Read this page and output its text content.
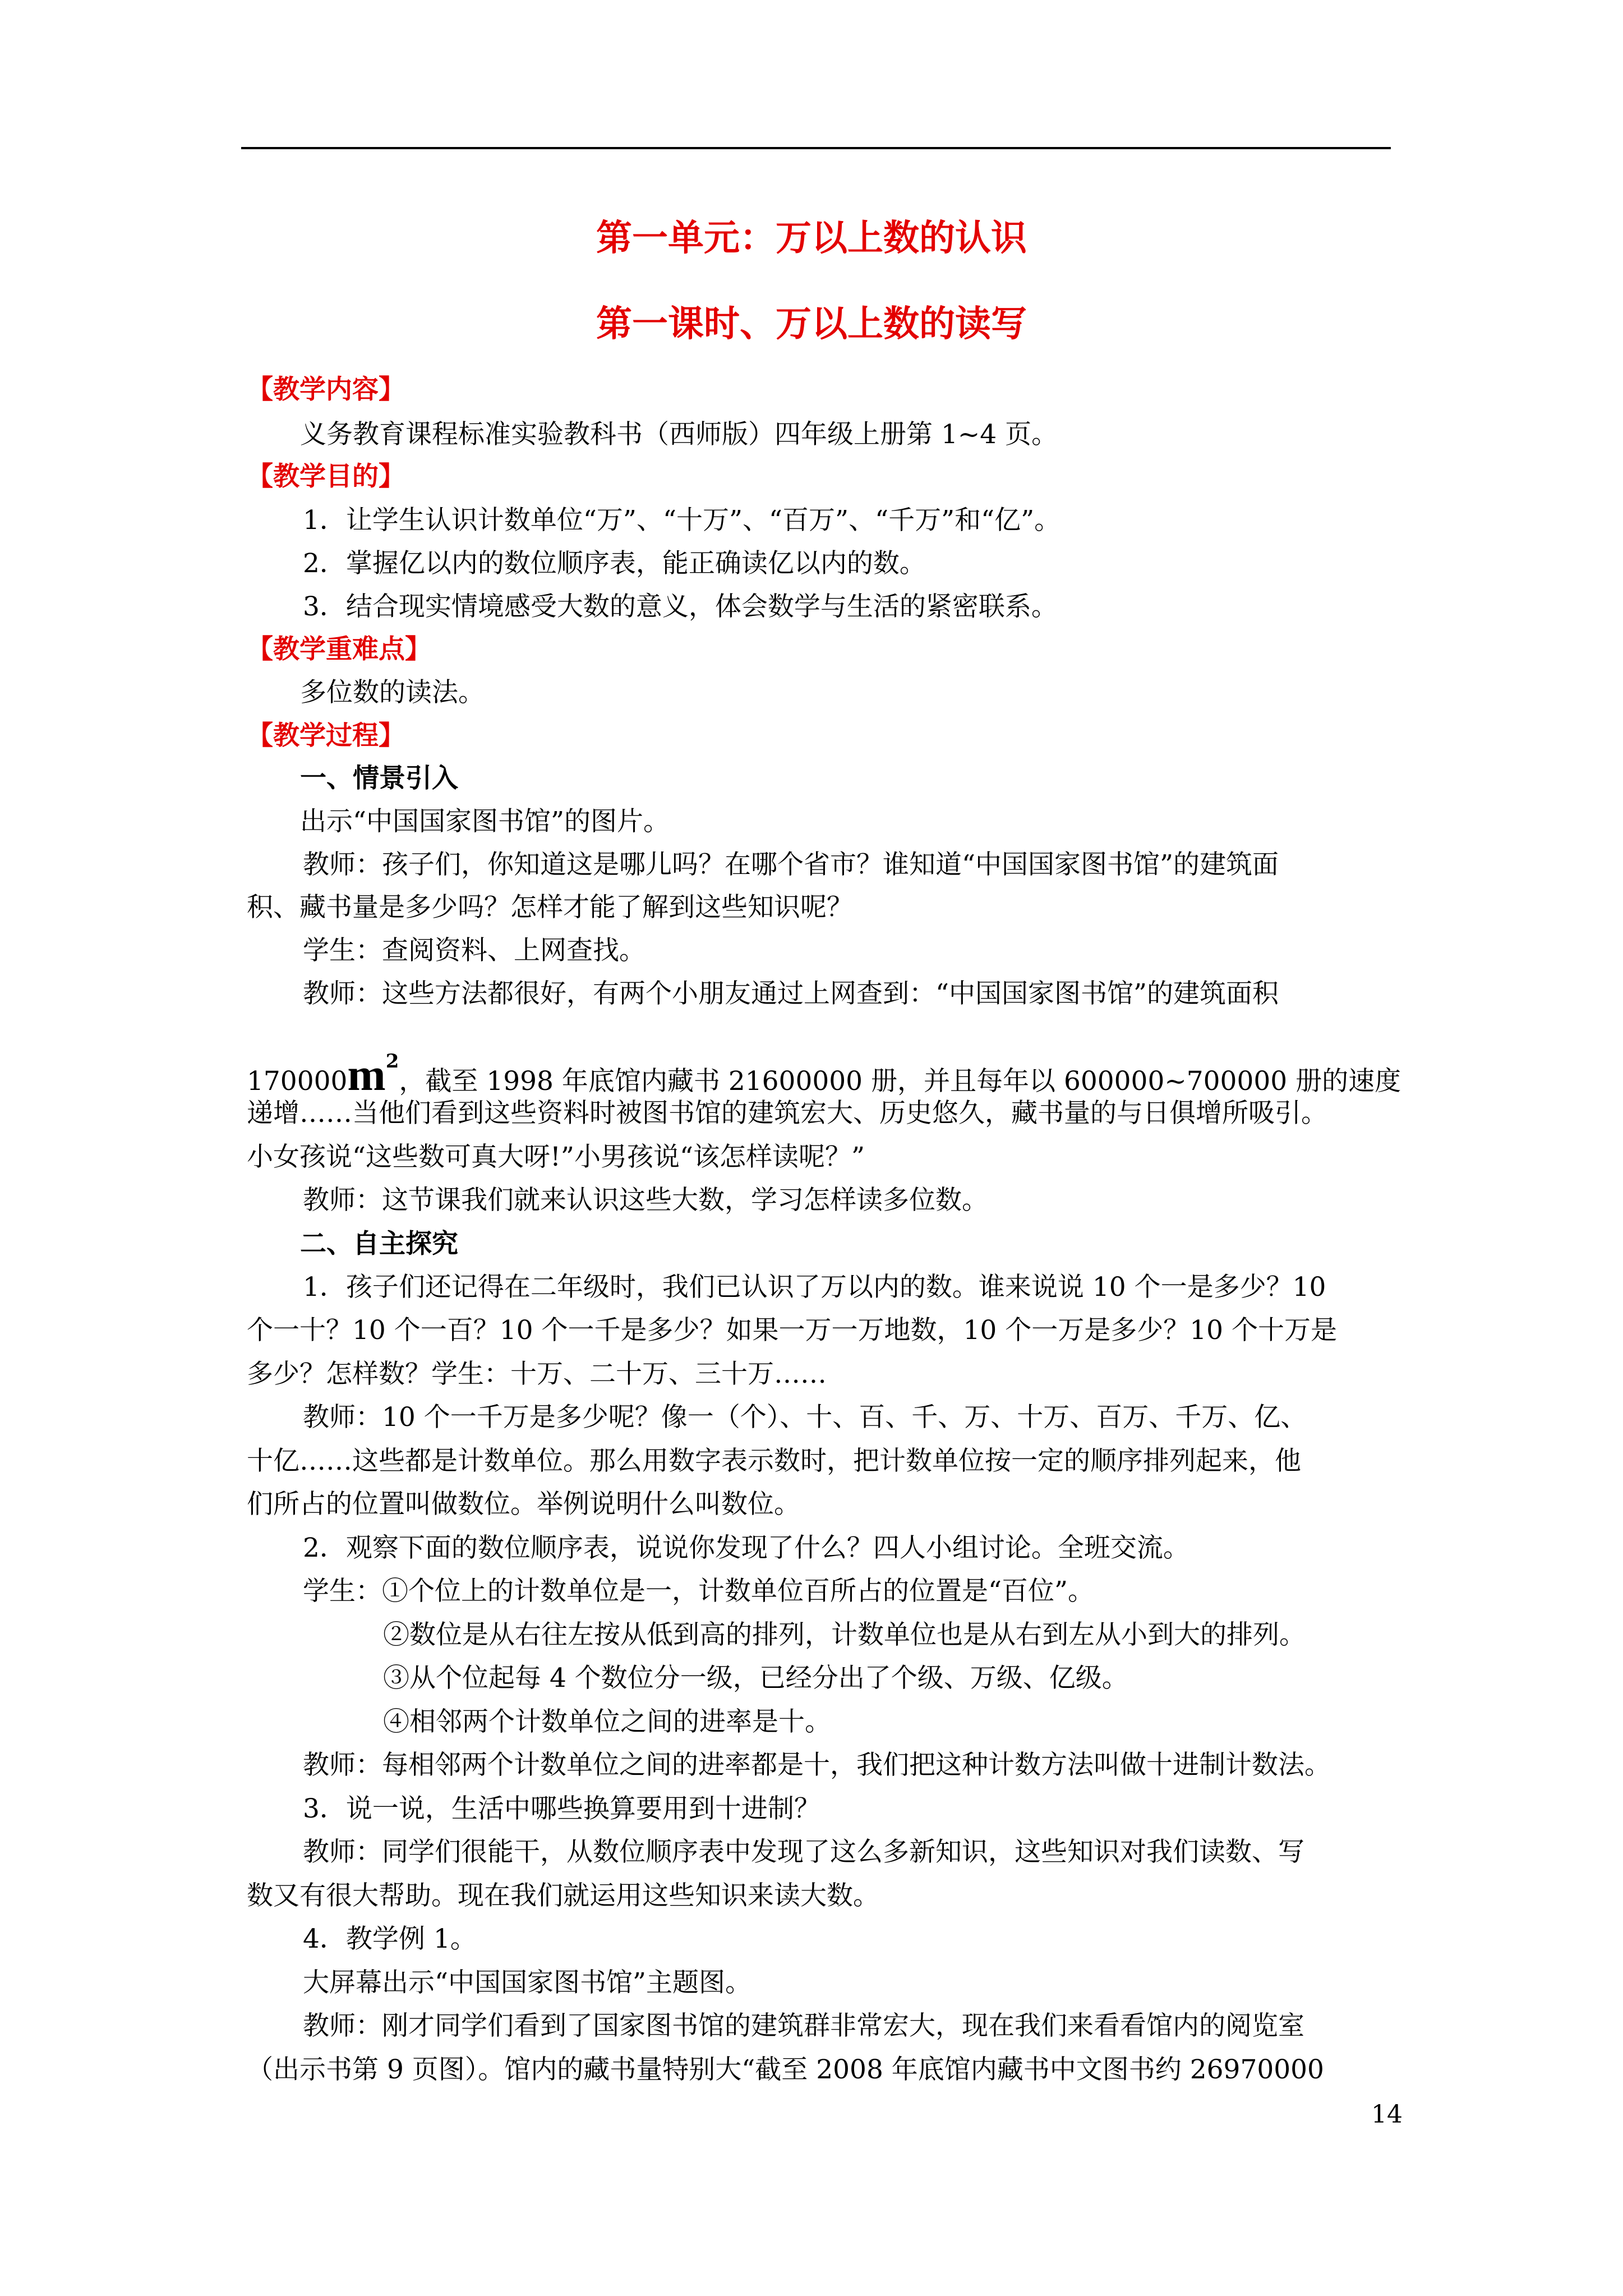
第一单元：万以上数的认识
第一课时、万以上数的读写
【教学内容】
义务教育课程标准实验教科书（西师版）四年级上册第 1~4 页。
【教学目的】
1．让学生认识计数单位“万”、“十万”、“百万”、“千万”和“亿”。
2．掌握亿以内的数位顺序表，能正确读亿以内的数。
3．结合现实情境感受大数的意义，体会数学与生活的紧密联系。
【教学重难点】
多位数的读法。
【教学过程】
一、情景引入
出示“中国国家图书馆”的图片。
教师：孩子们，你知道这是哪儿吗？在哪个省市？谁知道“中国国家图书馆”的建筑面
积、藏书量是多少吗？怎样才能了解到这些知识呢？
学生：查阅资料、上网查找。
教师：这些方法都很好，有两个小朋友通过上网查到：“中国国家图书馆”的建筑面积
$170000m^2$，截至 1998 年底馆内藏书 21600000 册，并且每年以 600000~700000 册的速度
递增……当他们看到这些资料时被图书馆的建筑宏大、历史悠久，藏书量的与日俱增所吸引。
小女孩说“这些数可真大呀!”小男孩说“该怎样读呢？”
教师：这节课我们就来认识这些大数，学习怎样读多位数。
二、自主探究
1．孩子们还记得在二年级时，我们已认识了万以内的数。谁来说说 10 个一是多少？10
个一十？10 个一百？10 个一千是多少？如果一万一万地数，10 个一万是多少？10 个十万是
多少？怎样数？学生：十万、二十万、三十万……
教师：10 个一千万是多少呢？像一（个）、十、百、千、万、十万、百万、千万、亿、
十亿……这些都是计数单位。那么用数字表示数时，把计数单位按一定的顺序排列起来，他
们所占的位置叫做数位。举例说明什么叫数位。
2．观察下面的数位顺序表，说说你发现了什么？四人小组讨论。全班交流。
学生：①个位上的计数单位是一，计数单位百所占的位置是“百位”。
②数位是从右往左按从低到高的排列，计数单位也是从右到左从小到大的排列。
③从个位起每 4 个数位分一级，已经分出了个级、万级、亿级。
④相邻两个计数单位之间的进率是十。
教师：每相邻两个计数单位之间的进率都是十，我们把这种计数方法叫做十进制计数法。
3．说一说，生活中哪些换算要用到十进制？
教师：同学们很能干，从数位顺序表中发现了这么多新知识，这些知识对我们读数、写
数又有很大帮助。现在我们就运用这些知识来读大数。
4．教学例 1。
大屏幕出示“中国国家图书馆”主题图。
教师：刚才同学们看到了国家图书馆的建筑群非常宏大，现在我们来看看馆内的阅览室
（出示书第 9 页图）。馆内的藏书量特别大“截至 2008 年底馆内藏书中文图书约 26970000
14
